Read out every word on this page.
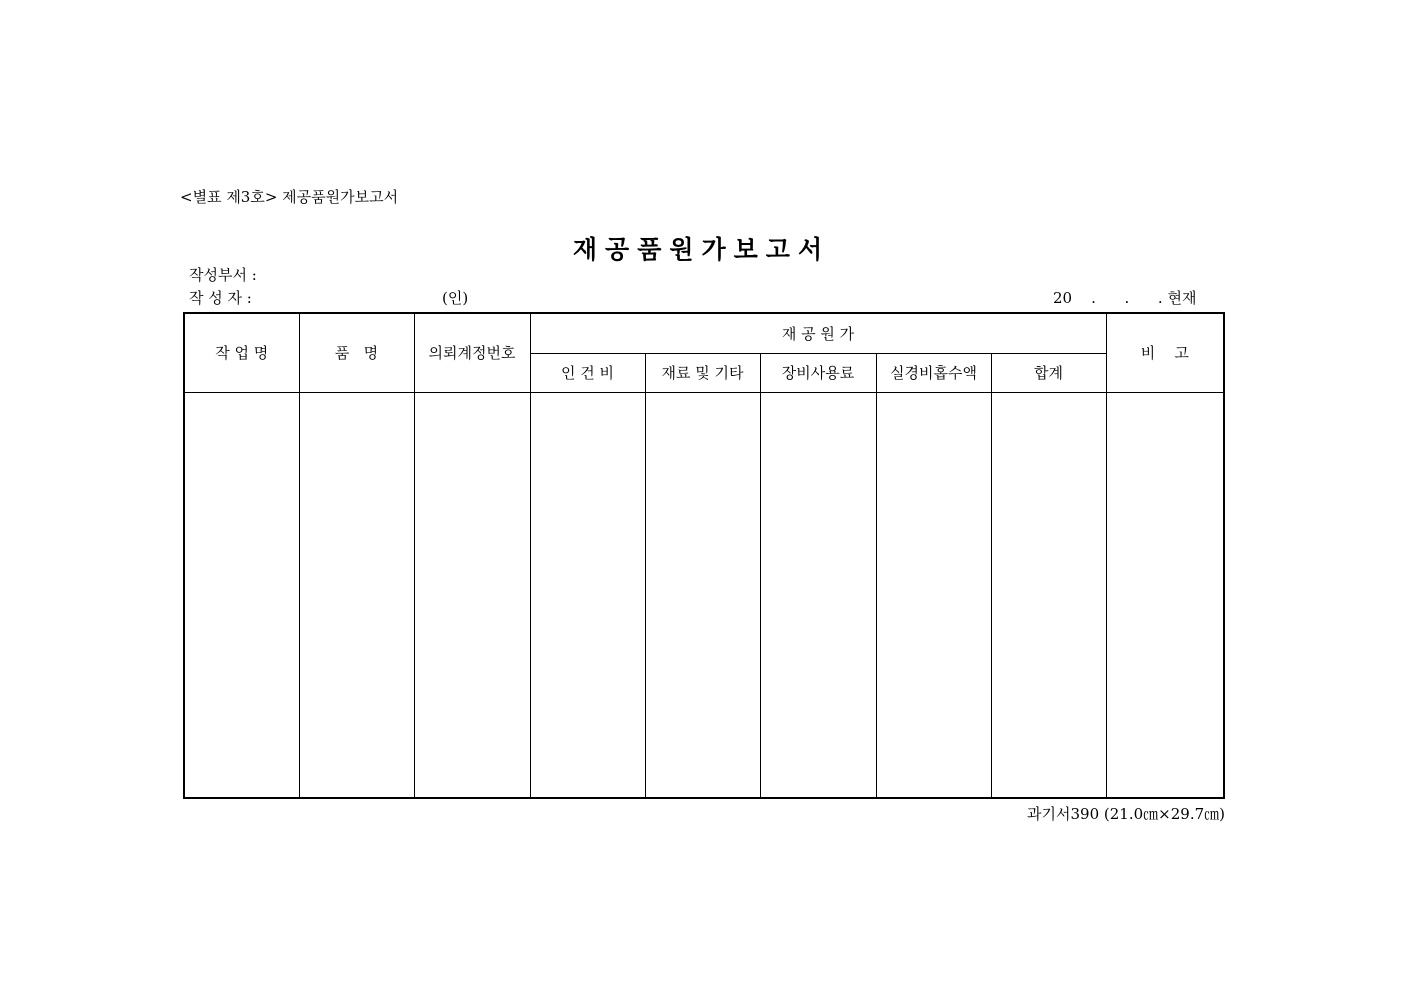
<별표 제3호> 제공품원가보고서
재공품원가보고서
작성부서 :
작 성 자 :	(인)	20    .      .      . 현재
작 업 명	품   명	의뢰계정번호	재 공 원 가					비    고
			인 건 비	재료 및 기타	장비사용료	실경비홉수액	합계	

과기서390 (21.0㎝×29.7㎝)
